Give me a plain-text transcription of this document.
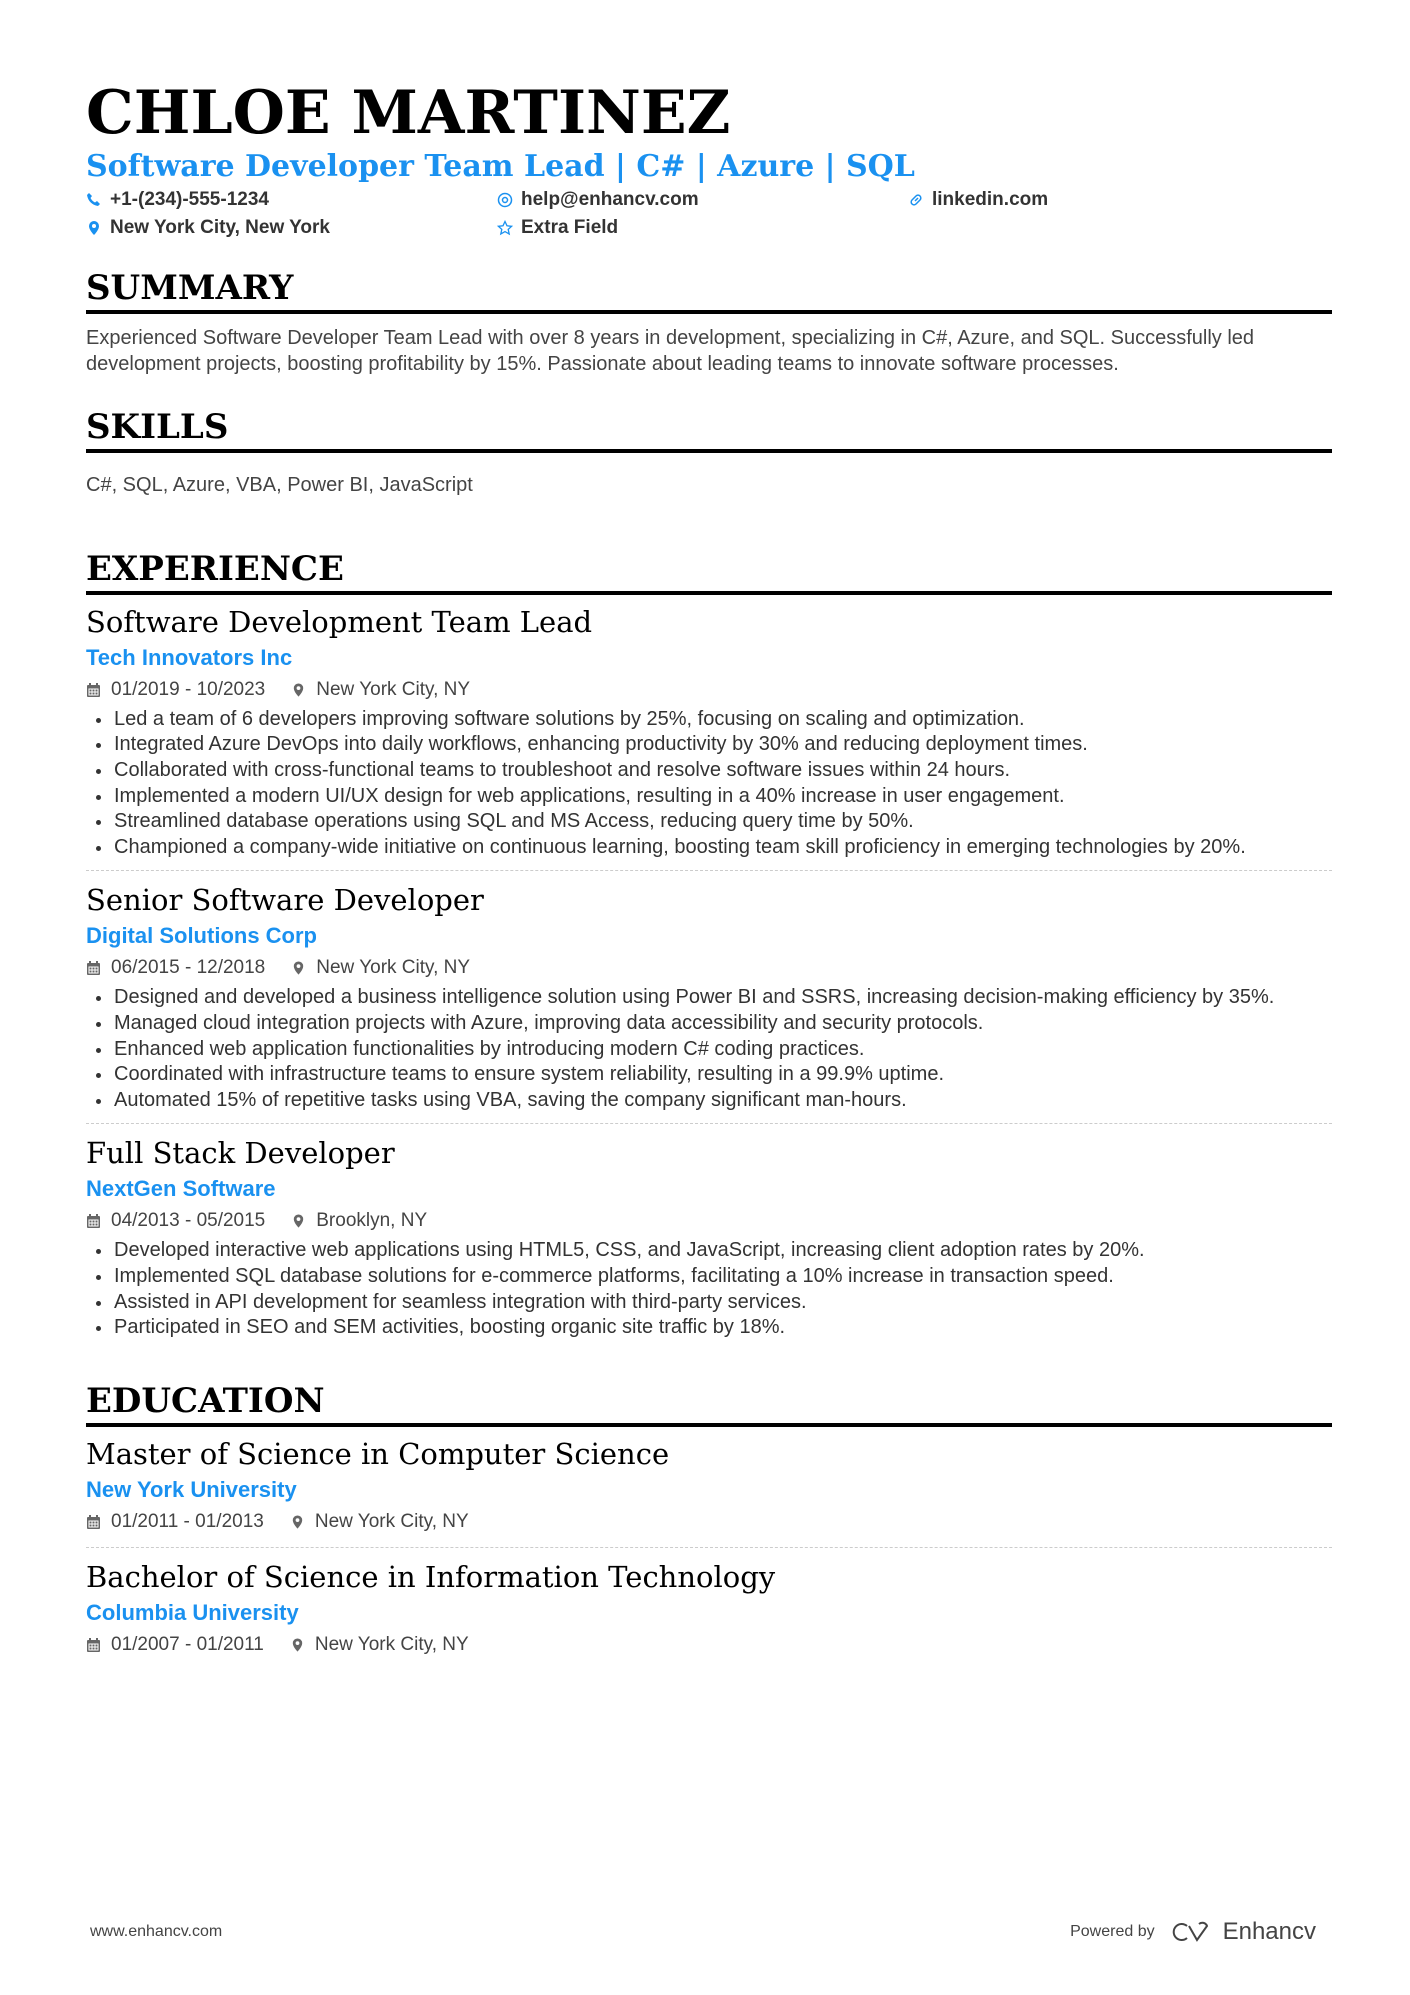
CHLOE MARTINEZ
Software Developer Team Lead | C# | Azure | SQL
+1-(234)-555-1234	help@enhancv.com	linkedin.com
New York City, New York	Extra Field
SUMMARY
Experienced Software Developer Team Lead with over 8 years in development, specializing in C#, Azure, and SQL. Successfully led development projects, boosting profitability by 15%. Passionate about leading teams to innovate software processes.
SKILLS
C#, SQL, Azure, VBA, Power BI, JavaScript
EXPERIENCE
Software Development Team Lead
Tech Innovators Inc
01/2019 - 10/2023	New York City, NY
Led a team of 6 developers improving software solutions by 25%, focusing on scaling and optimization.
Integrated Azure DevOps into daily workflows, enhancing productivity by 30% and reducing deployment times.
Collaborated with cross-functional teams to troubleshoot and resolve software issues within 24 hours.
Implemented a modern UI/UX design for web applications, resulting in a 40% increase in user engagement.
Streamlined database operations using SQL and MS Access, reducing query time by 50%.
Championed a company-wide initiative on continuous learning, boosting team skill proficiency in emerging technologies by 20%.
Senior Software Developer
Digital Solutions Corp
06/2015 - 12/2018	New York City, NY
Designed and developed a business intelligence solution using Power BI and SSRS, increasing decision-making efficiency by 35%.
Managed cloud integration projects with Azure, improving data accessibility and security protocols.
Enhanced web application functionalities by introducing modern C# coding practices.
Coordinated with infrastructure teams to ensure system reliability, resulting in a 99.9% uptime.
Automated 15% of repetitive tasks using VBA, saving the company significant man-hours.
Full Stack Developer
NextGen Software
04/2013 - 05/2015	Brooklyn, NY
Developed interactive web applications using HTML5, CSS, and JavaScript, increasing client adoption rates by 20%.
Implemented SQL database solutions for e-commerce platforms, facilitating a 10% increase in transaction speed.
Assisted in API development for seamless integration with third-party services.
Participated in SEO and SEM activities, boosting organic site traffic by 18%.
EDUCATION
Master of Science in Computer Science
New York University
01/2011 - 01/2013	New York City, NY
Bachelor of Science in Information Technology
Columbia University
01/2007 - 01/2011	New York City, NY
www.enhancv.com	Powered by	Enhancv
